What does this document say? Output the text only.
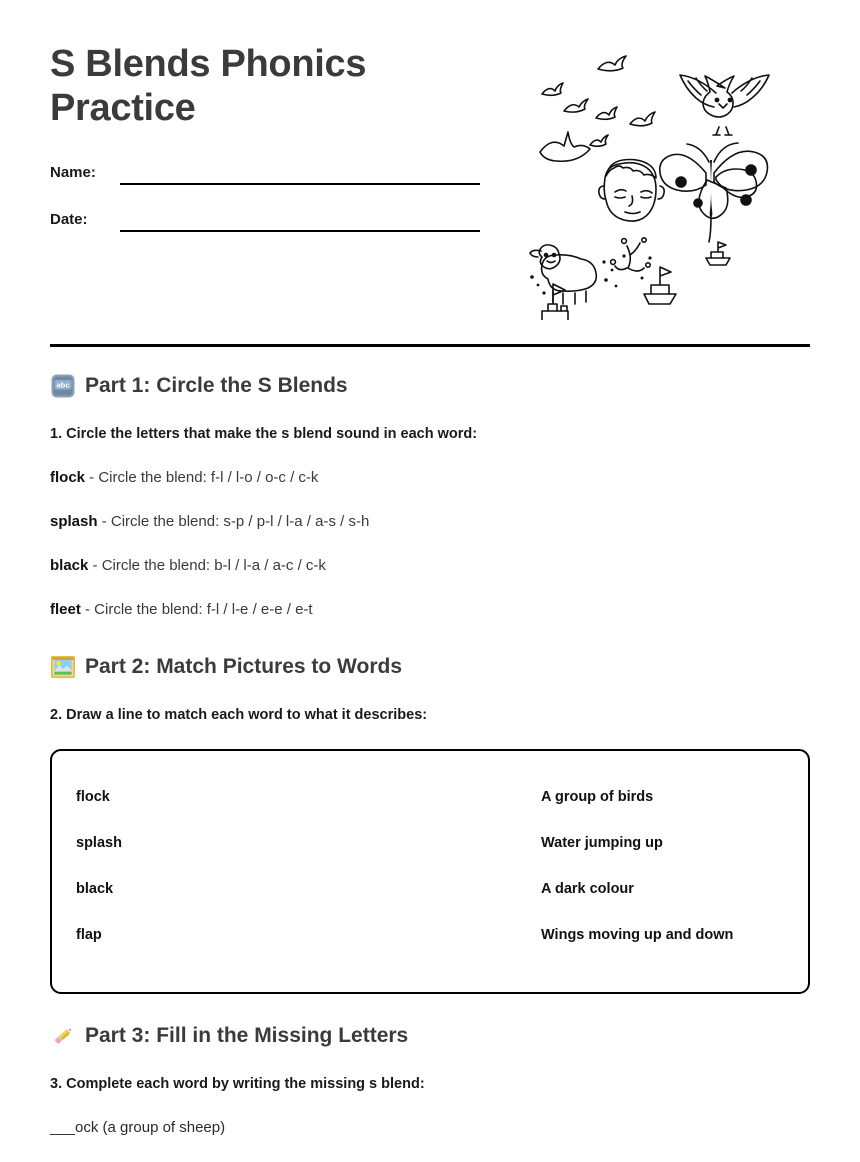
S Blends Phonics Practice
Name:
Date:
abc Part 1: Circle the S Blends

1. Circle the letters that make the s blend sound in each word:

flock - Circle the blend: f-l / l-o / o-c / c-k

splash - Circle the blend: s-p / p-l / l-a / a-s / s-h

black - Circle the blend: b-l / l-a / a-c / c-k

fleet - Circle the blend: f-l / l-e / e-e / e-t

Part 2: Match Pictures to Words

2. Draw a line to match each word to what it describes:

flock	A group of birds
splash	Water jumping up
black	A dark colour
flap	Wings moving up and down
Part 3: Fill in the Missing Letters

3. Complete each word by writing the missing s blend:

___ock (a group of sheep)
